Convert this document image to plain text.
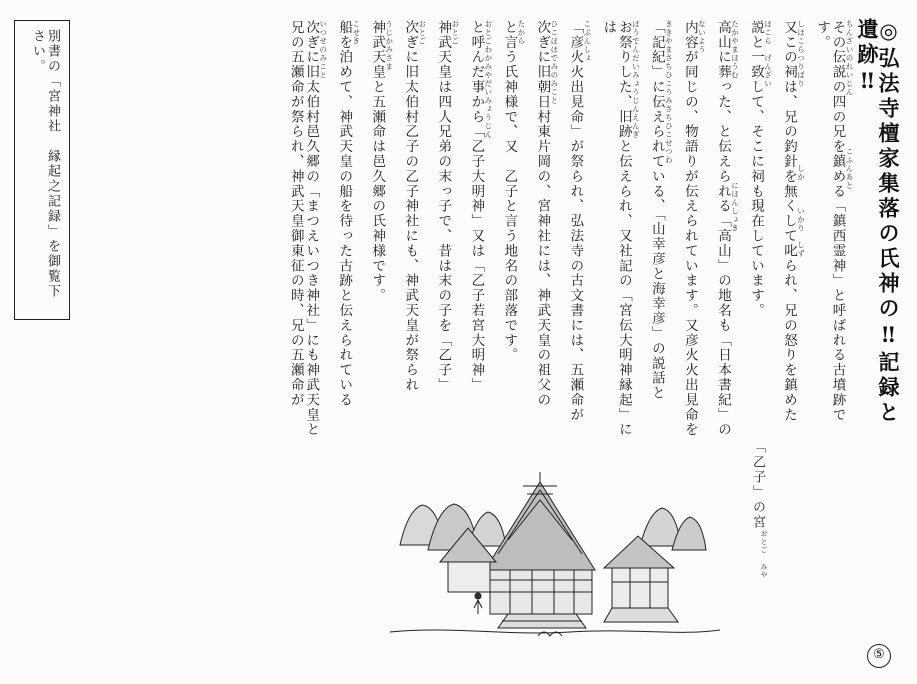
◎弘法寺檀家集落の氏神の‼記録と遺跡‼
次ぎに旧太伯村邑久郷の「まつえいつき神社」にも神武天皇と兄の五瀬命が祭られ、神武天皇御東征の時、兄の五瀬命が	いつせのみこと 船を泊めて、神武天皇の船を待った古跡と伝えられている こせき 神武天皇と五瀬命は邑久郷の氏神様です。 うじかみさま 次ぎに旧太伯村乙子の乙子神社にも、神武天皇が祭られ おとご 神武天皇は四人兄弟の末っ子で、昔は末の子を「乙子」 おとご と呼んだ事から「乙子大明神」又は「乙子若宮大明神」 おとごわかみやだいみょうじん と言う氏神様で、又　乙子と言う地名の部落です。 たから 次ぎに旧朝日村東片岡の、宮神社には、神武天皇の祖父の ひこほほでみのみこと 「彦火火出見命」が祭られ、弘法寺の古文書には、五瀬命が こぶんしょ	お祭りした、旧跡と伝えられ、又社記の「宮伝大明神縁起」には	ほうでんだいみょうじんえんぎ 「記紀」に伝えられている、「山幸彦と海幸彦」の説話と ききやまさちひこうみさちひこせつわ 内容が同じの、物語りが伝えられています。又彦火火出見命を ないよう 高山に葬った、と伝えられる「高山」の地名も「日本書紀」の たかやまほうむ　　　　　　　　　　　　にほんしょき 説と一致して、そこに祠も現在しています。 ほこら　げんざい 又この祠は、兄の釣針を無くして叱られ、兄の怒りを鎮めた しほこらつりばり　　　　　　　　　しか　　　いかり　しず	その伝説の四の兄を鎮める「鎮西霊神」と呼ばれる古墳跡です。	ちんざいのれいじん　　　　　　こふんあと
別書の「宮神社　縁起之記録」を御覧下さい。
「乙子」の宮
おとご みや
⑤
